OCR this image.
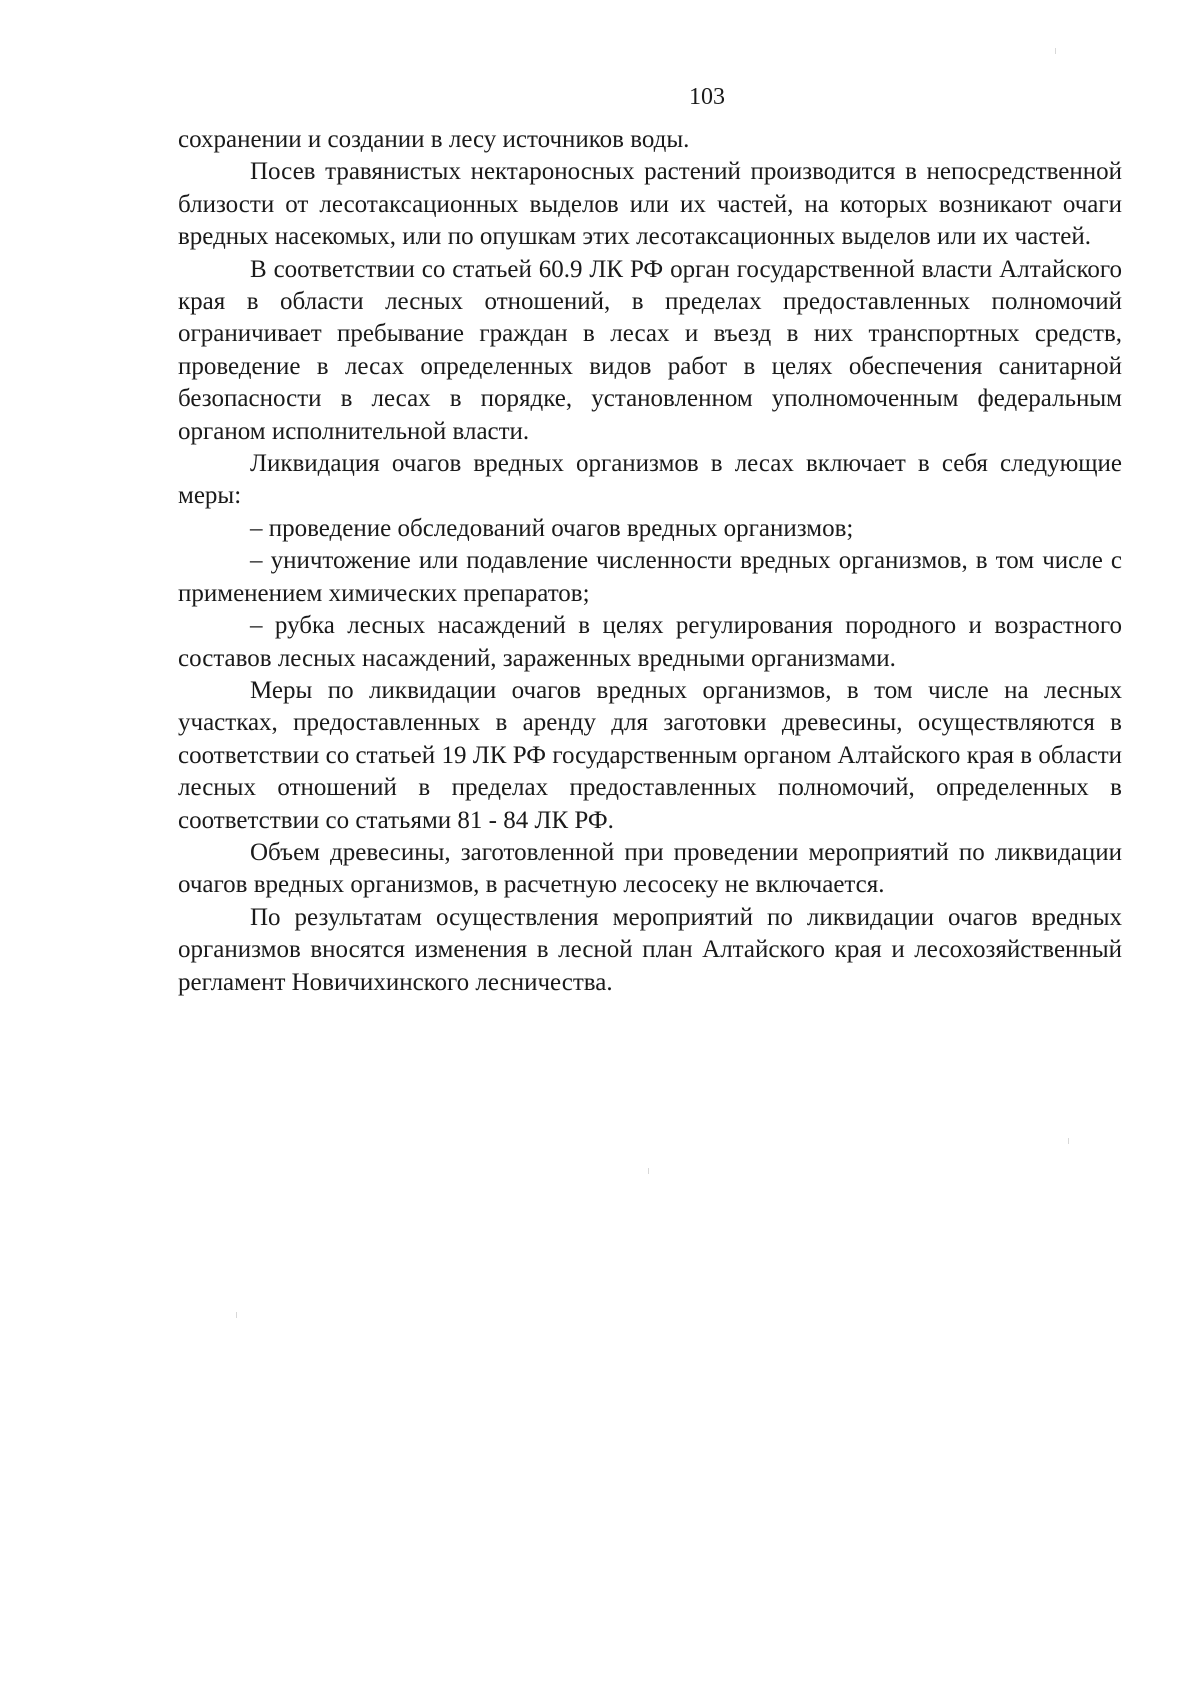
103

сохранении и создании в лесу источников воды.

Посев травянистых нектароносных растений производится в непосредственной близости от лесотаксационных выделов или их частей, на которых возникают очаги вредных насекомых, или по опушкам этих лесотаксационных выделов или их частей.

В соответствии со статьей 60.9 ЛК РФ орган государственной власти Алтайского края в области лесных отношений, в пределах предоставленных полномочий ограничивает пребывание граждан в лесах и въезд в них транспортных средств, проведение в лесах определенных видов работ в целях обеспечения санитарной безопасности в лесах в порядке, установленном уполномоченным федеральным органом исполнительной власти.

Ликвидация очагов вредных организмов в лесах включает в себя следующие меры:

– проведение обследований очагов вредных организмов;

– уничтожение или подавление численности вредных организмов, в том числе с применением химических препаратов;

– рубка лесных насаждений в целях регулирования породного и возрастного составов лесных насаждений, зараженных вредными организмами.

Меры по ликвидации очагов вредных организмов, в том числе на лесных участках, предоставленных в аренду для заготовки древесины, осуществляются в соответствии со статьей 19 ЛК РФ государственным органом Алтайского края в области лесных отношений в пределах предоставленных полномочий, определенных в соответствии со статьями 81 - 84 ЛК РФ.

Объем древесины, заготовленной при проведении мероприятий по ликвидации очагов вредных организмов, в расчетную лесосеку не включается.

По результатам осуществления мероприятий по ликвидации очагов вредных организмов вносятся изменения в лесной план Алтайского края и лесохозяйственный регламент Новичихинского лесничества.
